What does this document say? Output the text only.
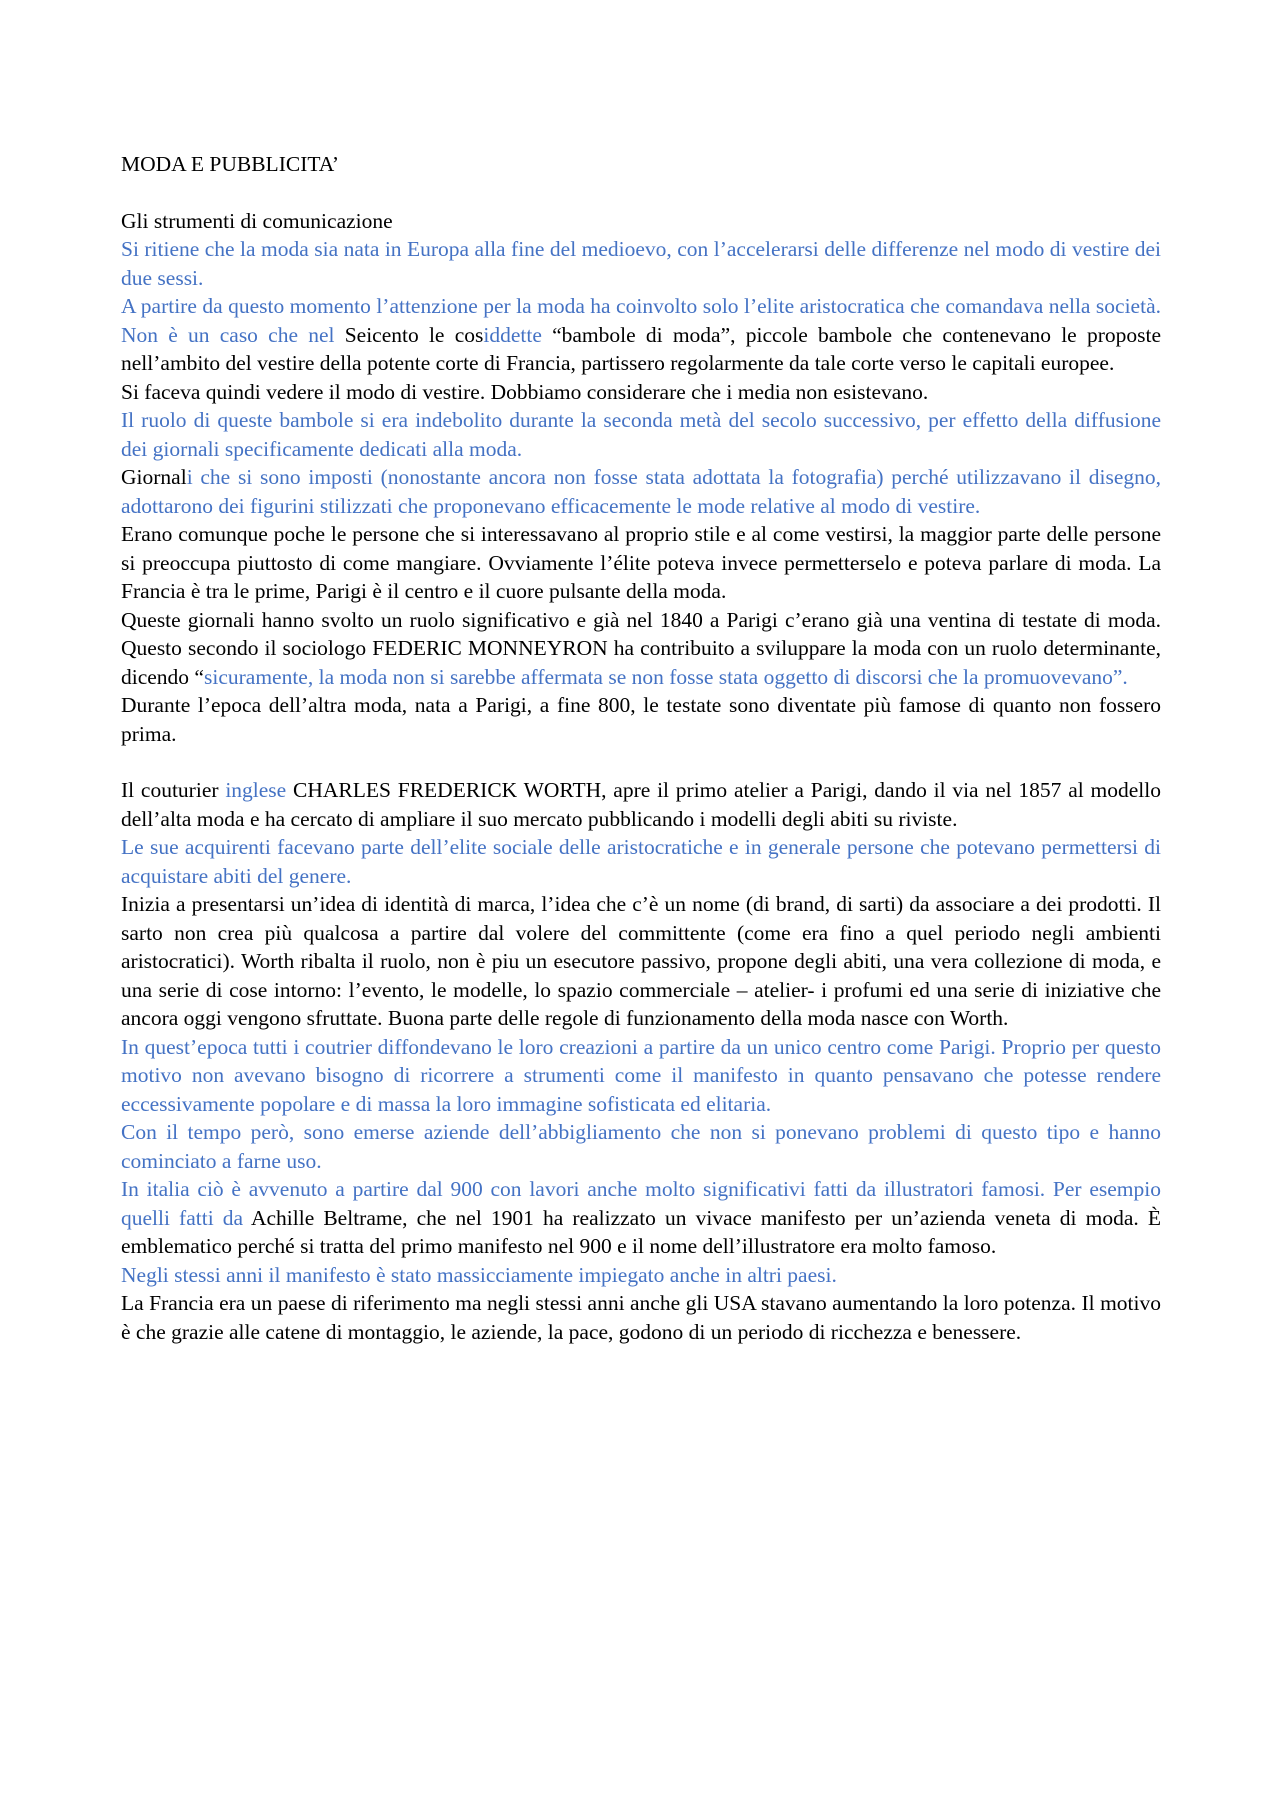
MODA E PUBBLICITA’
Gli strumenti di comunicazione

Si ritiene che la moda sia nata in Europa alla fine del medioevo, con l’accelerarsi delle differenze nel modo di vestire dei due sessi.

A partire da questo momento l’attenzione per la moda ha coinvolto solo l’elite aristocratica che comandava nella società. Non è un caso che nel Seicento le cosiddette “bambole di moda”, piccole bambole che contenevano le proposte nell’ambito del vestire della potente corte di Francia, partissero regolarmente da tale corte verso le capitali europee.

Si faceva quindi vedere il modo di vestire. Dobbiamo considerare che i media non esistevano.

Il ruolo di queste bambole si era indebolito durante la seconda metà del secolo successivo, per effetto della diffusione dei giornali specificamente dedicati alla moda.

Giornali che si sono imposti (nonostante ancora non fosse stata adottata la fotografia) perché utilizzavano il disegno, adottarono dei figurini stilizzati che proponevano efficacemente le mode relative al modo di vestire.

Erano comunque poche le persone che si interessavano al proprio stile e al come vestirsi, la maggior parte delle persone si preoccupa piuttosto di come mangiare. Ovviamente l’élite poteva invece permetterselo e poteva parlare di moda. La Francia è tra le prime, Parigi è il centro e il cuore pulsante della moda.

Queste giornali hanno svolto un ruolo significativo e già nel 1840 a Parigi c’erano già una ventina di testate di moda. Questo secondo il sociologo FEDERIC MONNEYRON ha contribuito a sviluppare la moda con un ruolo determinante, dicendo “sicuramente, la moda non si sarebbe affermata se non fosse stata oggetto di discorsi che la promuovevano”.

Durante l’epoca dell’altra moda, nata a Parigi, a fine 800, le testate sono diventate più famose di quanto non fossero prima.

Il couturier inglese CHARLES FREDERICK WORTH, apre il primo atelier a Parigi, dando il via nel 1857 al modello dell’alta moda e ha cercato di ampliare il suo mercato pubblicando i modelli degli abiti su riviste.

Le sue acquirenti facevano parte dell’elite sociale delle aristocratiche e in generale persone che potevano permettersi di acquistare abiti del genere.

Inizia a presentarsi un’idea di identità di marca, l’idea che c’è un nome (di brand, di sarti) da associare a dei prodotti. Il sarto non crea più qualcosa a partire dal volere del committente (come era fino a quel periodo negli ambienti aristocratici). Worth ribalta il ruolo, non è piu un esecutore passivo, propone degli abiti, una vera collezione di moda, e una serie di cose intorno: l’evento, le modelle, lo spazio commerciale – atelier- i profumi ed una serie di iniziative che ancora oggi vengono sfruttate. Buona parte delle regole di funzionamento della moda nasce con Worth.

In quest’epoca tutti i coutrier diffondevano le loro creazioni a partire da un unico centro come Parigi. Proprio per questo motivo non avevano bisogno di ricorrere a strumenti come il manifesto in quanto pensavano che potesse rendere eccessivamente popolare e di massa la loro immagine sofisticata ed elitaria.

Con il tempo però, sono emerse aziende dell’abbigliamento che non si ponevano problemi di questo tipo e hanno cominciato a farne uso.

In italia ciò è avvenuto a partire dal 900 con lavori anche molto significativi fatti da illustratori famosi. Per esempio quelli fatti da Achille Beltrame, che nel 1901 ha realizzato un vivace manifesto per un’azienda veneta di moda. È emblematico perché si tratta del primo manifesto nel 900 e il nome dell’illustratore era molto famoso.

Negli stessi anni il manifesto è stato massicciamente impiegato anche in altri paesi.

La Francia era un paese di riferimento ma negli stessi anni anche gli USA stavano aumentando la loro potenza. Il motivo è che grazie alle catene di montaggio, le aziende, la pace, godono di un periodo di ricchezza e benessere.
